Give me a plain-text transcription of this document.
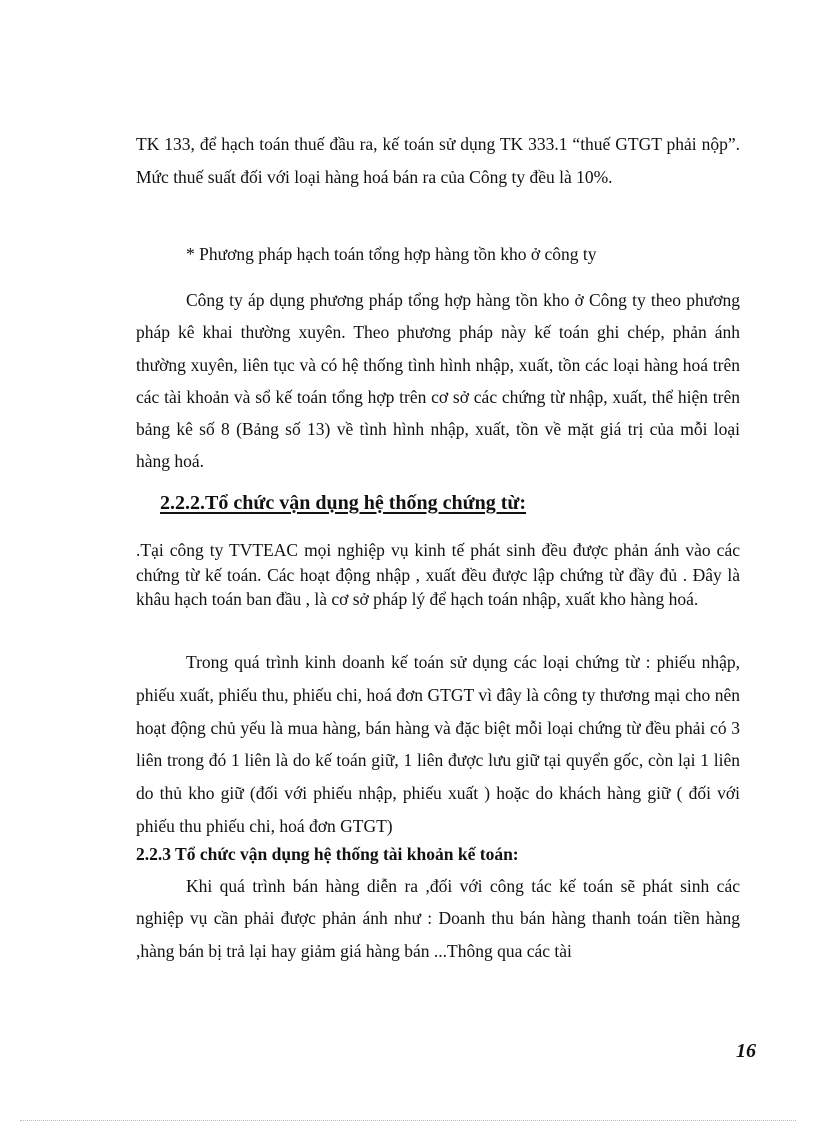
TK 133, để hạch toán thuế đầu ra, kế toán sử dụng TK 333.1 “thuế GTGT phải nộp”. Mức thuế suất đối với loại hàng hoá bán ra của Công ty đều là 10%.

* Phương pháp hạch toán tổng hợp hàng tồn kho ở công ty

Công ty áp dụng phương pháp tổng hợp hàng tồn kho ở Công ty theo phương pháp kê khai thường xuyên. Theo phương pháp này kế toán ghi chép, phản ánh thường xuyên, liên tục và có hệ thống tình hình nhập, xuất, tồn các loại hàng hoá trên các tài khoản và sổ kế toán tổng hợp trên cơ sở các chứng từ nhập, xuất, thể hiện trên bảng kê số 8 (Bảng số 13) về tình hình nhập, xuất, tồn về mặt giá trị của mỗi loại hàng hoá.

2.2.2.Tổ chức vận dụng hệ thống chứng từ:

.Tại công ty TVTEAC mọi nghiệp vụ kinh tế phát sinh đều được phản ánh vào các chứng từ kế toán. Các hoạt động nhập , xuất đều được lập chứng từ đầy đủ . Đây là khâu hạch toán ban đầu , là cơ sở pháp lý để hạch toán nhập, xuất kho hàng hoá.

Trong quá trình kinh doanh kế toán sử dụng các loại chứng từ : phiếu nhập, phiếu xuất, phiếu thu, phiếu chi, hoá đơn GTGT vì đây là công ty thương mại cho nên hoạt động chủ yếu là mua hàng, bán hàng và đặc biệt mỗi loại chứng từ đều phải có 3 liên trong đó 1 liên là do kế toán giữ, 1 liên được lưu giữ tại quyển gốc, còn lại 1 liên do thủ kho giữ (đối với phiếu nhập, phiếu xuất ) hoặc do khách hàng giữ ( đối với phiếu thu phiếu chi, hoá đơn GTGT)

2.2.3 Tổ chức vận dụng hệ thống tài khoản kế toán:

Khi quá trình bán hàng diễn ra ,đối với công tác kế toán sẽ phát sinh các nghiệp vụ cần phải được phản ánh như : Doanh thu bán hàng thanh toán tiền hàng ,hàng bán bị trả lại hay giảm giá hàng bán ...Thông qua các tài

16
